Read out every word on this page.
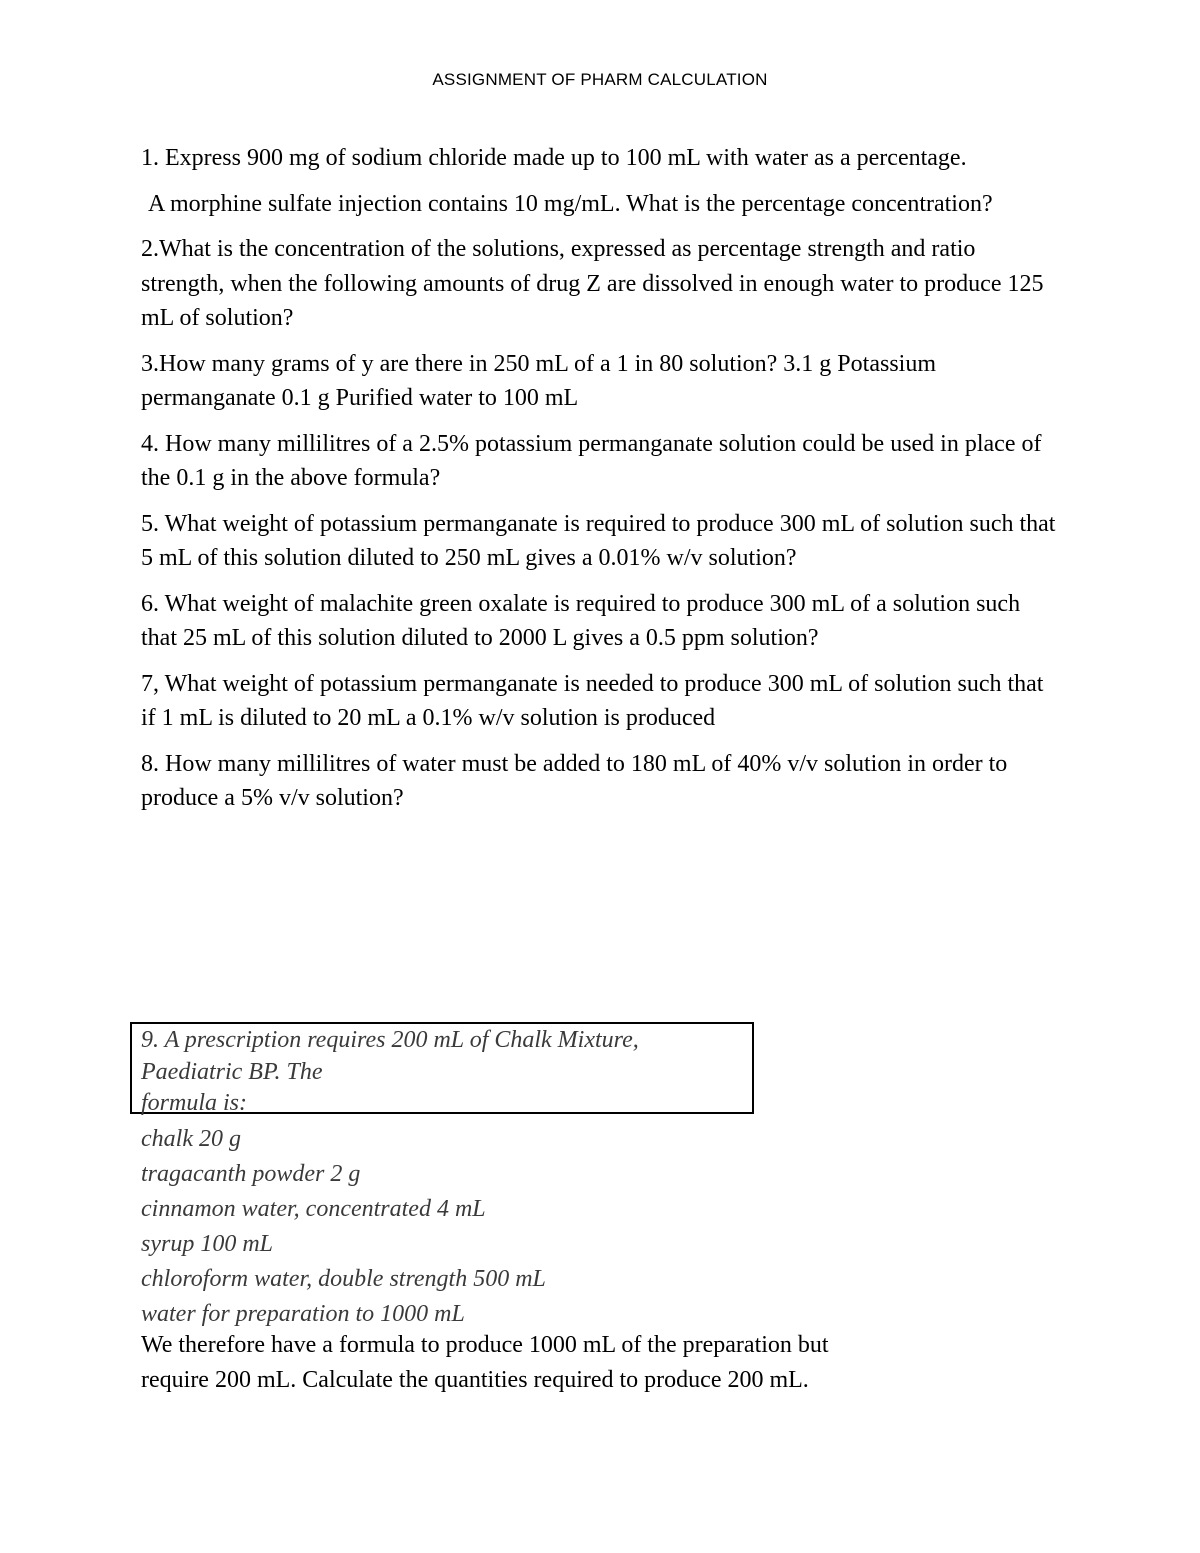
ASSIGNMENT OF PHARM CALCULATION

1. Express 900 mg of sodium chloride made up to 100 mL with water as a percentage.

A morphine sulfate injection contains 10 mg/mL. What is the percentage concentration?

2.What is the concentration of the solutions, expressed as percentage strength and ratio strength, when the following amounts of drug Z are dissolved in enough water to produce 125 mL of solution?

3.How many grams of y are there in 250 mL of a 1 in 80 solution? 3.1 g Potassium permanganate 0.1 g Purified water to 100 mL

4. How many millilitres of a 2.5% potassium permanganate solution could be used in place of the 0.1 g in the above formula?

5. What weight of potassium permanganate is required to produce 300 mL of solution such that 5 mL of this solution diluted to 250 mL gives a 0.01% w/v solution?

6. What weight of malachite green oxalate is required to produce 300 mL of a solution such that 25 mL of this solution diluted to 2000 L gives a 0.5 ppm solution?

7, What weight of potassium permanganate is needed to produce 300 mL of solution such that if 1 mL is diluted to 20 mL a 0.1% w/v solution is produced

8. How many millilitres of water must be added to 180 mL of 40% v/v solution in order to produce a 5% v/v solution?

9. A prescription requires 200 mL of Chalk Mixture,
Paediatric BP. The
formula is:
chalk 20 g
tragacanth powder 2 g
cinnamon water, concentrated 4 mL
syrup 100 mL
chloroform water, double strength 500 mL
water for preparation to 1000 mL
We therefore have a formula to produce 1000 mL of the preparation but
require 200 mL. Calculate the quantities required to produce 200 mL.
